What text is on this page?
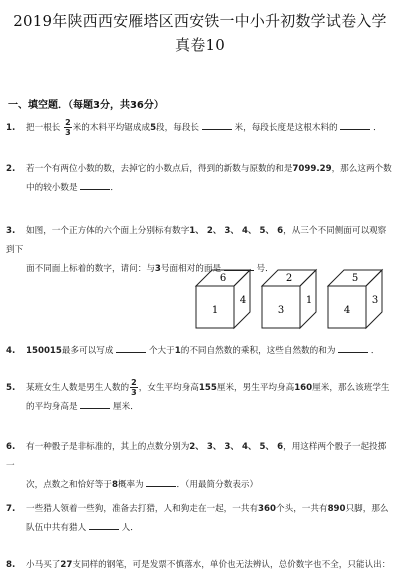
2019年陕西西安雁塔区西安铁一中小升初数学试卷入学
真卷10
一、填空题．（每题3分，共36分）
1. 把一根长 $\frac{2}{3}$ 米的木料平均锯成成5段，每段长	米，每段长度是这根木料的	．
2. 若一个有两位小数的数，去掉它的小数点后，得到的新数与原数的和是7099.29，那么这两个数
中的较小数是	．
3. 如图，一个正方体的六个面上分别标有数字1、 2、 3、 4、 5、 6，从三个不同侧面可以观察到下
面不同面上标着的数字，请问：与3号面相对的面是	号．
6
1
4
2
3
1
5
4
3
4. 150015最多可以写成	个大于1的不同自然数的乘积，这些自然数的和为	．
5. 某班女生人数是男生人数的 $\frac{2}{3}$ ，女生平均身高155厘米，男生平均身高160厘米，那么该班学生
的平均身高是	厘米．
6. 有一种骰子是非标准的，其上的点数分别为2、 3、 3、 4、 5、 6，用这样两个骰子一起投掷一
次，点数之和恰好等于8概率为	．（用最简分数表示）
7. 一些猎人领着一些狗，准备去打猎，人和狗走在一起，一共有360个头，一共有890只脚，那么
队伍中共有猎人	人．
8. 小马买了27支同样的钢笔，可是发票不慎落水，单价也无法辨认，总价数字也不全，只能认出：
